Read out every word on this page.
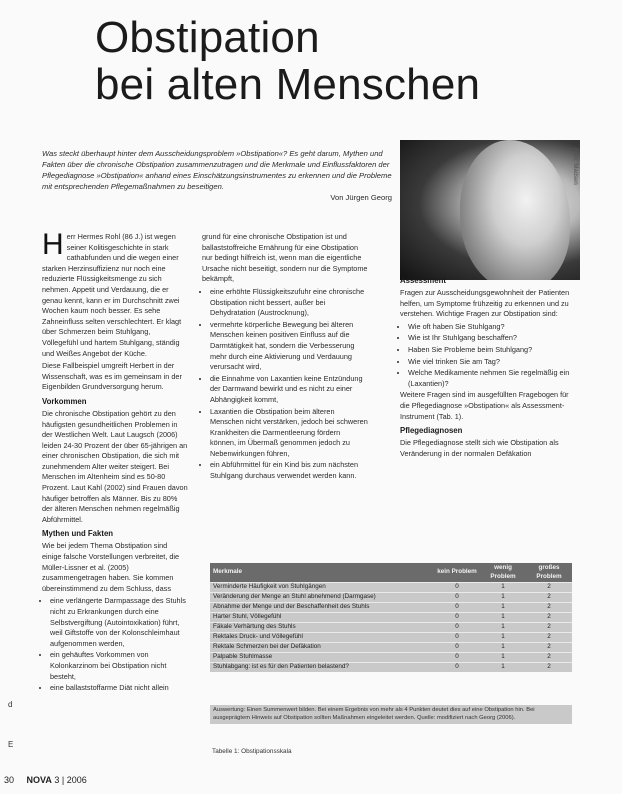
Obstipation
bei alten Menschen
Was steckt überhaupt hinter dem Ausscheidungsproblem »Obstipation«? Es geht darum, Mythen und Fakten über die chronische Obstipation zusammenzutragen und die Merkmale und Einflussfaktoren der Pflegediagnose »Obstipation« anhand eines Einschätzungsinstrumentes zu erkennen und die Probleme mit entsprechenden Pflegemaßnahmen zu beseitigen.
Von Jürgen Georg
Foto: Madsen

H err Hermes Rohl (86 J.) ist wegen seiner Kolitisgeschichte in stark cathabfunden und die wegen einer starken Herzinsuffizienz nur noch eine reduzierte Flüssigkeitsmenge zu sich nehmen. Appetit und Verdauung, die er genau kennt, kann er im Durchschnitt zwei Wochen kaum noch besser. Es sehe Zahneinfluss selten verschlechtert. Er klagt über Schmerzen beim Stuhlgang, Völlegefühl und hartem Stuhlgang, ständig und Weißes Angebot der Küche.

Diese Fallbeispiel umgreift Herbert in der Wissenschaft, was es im gemeinsam in der Eigenbilden Grundversorgung herum.

Vorkommen

Die chronische Obstipation gehört zu den häufigsten gesundheitlichen Problemen in der Westlichen Welt. Laut Laugsch (2006) leiden 24-30 Prozent der über 65-jährigen an einer chronischen Obstipation, die sich mit zunehmendem Alter weiter steigert. Bei Menschen im Altenheim sind es 50-80 Prozent. Laut Kahl (2002) sind Frauen davon häufiger betroffen als Männer. Bis zu 80% der älteren Menschen nehmen regelmäßig Abführmittel.

Mythen und Fakten

Wie bei jedem Thema Obstipation sind einige falsche Vorstellungen verbreitet, die Müller-Lissner et al. (2005) zusammengetragen haben. Sie kommen übereinstimmend zu dem Schluss, dass

• eine verlängerte Darmpassage des Stuhls nicht zu Erkrankungen durch eine Selbstvergiftung (Autointoxikation) führt, weil Giftstoffe von der Kolonschleimhaut aufgenommen werden,
• ein gehäuftes Vorkommen von Kolonkarzinom bei Obstipation nicht besteht,
• eine ballaststoffarme Diät nicht allein

grund für eine chronische Obstipation ist und ballaststoffreiche Ernährung für eine Obstipation nur bedingt hilfreich ist, wenn man die eigentliche Ursache nicht beseitigt, sondern nur die Symptome bekämpft,

• eine erhöhte Flüssigkeitszufuhr eine chronische Obstipation nicht bessert, außer bei Dehydratation (Austrocknung),
• vermehrte körperliche Bewegung bei älteren Menschen keinen positiven Einfluss auf die Darmtätigkeit hat, sondern die Verbesserung mehr durch eine Aktivierung und Verdauung verursacht wird,
• die Einnahme von Laxantien keine Entzündung der Darmwand bewirkt und es nicht zu einer Abhängigkeit kommt,
• Laxantien die Obstipation beim älteren Menschen nicht verstärken, jedoch bei schweren Krankheiten die Darmentleerung fördern können, im Übermaß genommen jedoch zu Nebenwirkungen führen,
• ein Abführmittel für ein Kind bis zum nächsten Stuhlgang durchaus verwendet werden kann.
Assessment

Fragen zur Ausscheidungsgewohnheit der Patienten helfen, um Symptome frühzeitig zu erkennen und zu verstehen. Wichtige Fragen zur Obstipation sind:

• Wie oft haben Sie Stuhlgang?
• Wie ist Ihr Stuhlgang beschaffen?
• Haben Sie Probleme beim Stuhlgang?
• Wie viel trinken Sie am Tag?
• Welche Medikamente nehmen Sie regelmäßig ein (Laxantien)?

Weitere Fragen sind im ausgefüllten Fragebogen für die Pflegediagnose »Obstipation« als Assessment-Instrument (Tab. 1).

Pflegediagnosen

Die Pflegediagnose stellt sich wie Obstipation als Veränderung in der normalen Defäkation

Merkmale	kein Problem	wenig Problem	großes Problem
Verminderte Häufigkeit von Stuhlgängen	0	1	2
Veränderung der Menge an Stuhl abnehmend (Darmgase)	0	1	2
Abnahme der Menge und der Beschaffenheit des Stuhls	0	1	2
Harter Stuhl, Völlegefühl	0	1	2
Fäkale Verhärtung des Stuhls	0	1	2
Rektales Druck- und Völlegefühl	0	1	2
Rektale Schmerzen bei der Defäkation	0	1	2
Palpable Stuhlmasse	0	1	2
Stuhlabgang: ist es für den Patienten belastend?	0	1	2
Auswertung: Einen Summenwert bilden. Bei einem Ergebnis von mehr als 4 Punkten deutet dies auf eine Obstipation hin. Bei ausgeprägtem Hinweis auf Obstipation sollten Maßnahmen eingeleitet werden. Quelle: modifiziert nach Georg (2006).
Tabelle 1: Obstipationsskala
d
E
30 NOVA 3 | 2006
